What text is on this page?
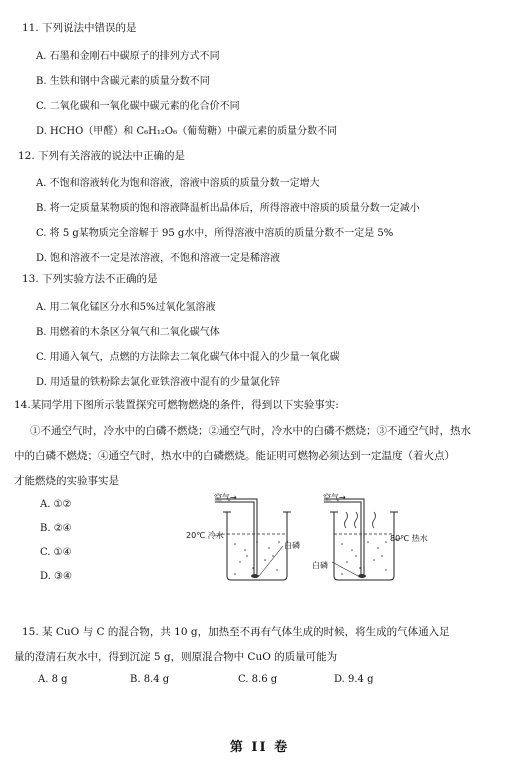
11. 下列说法中错误的是
A. 石墨和金刚石中碳原子的排列方式不同
B. 生铁和钢中含碳元素的质量分数不同
C. 二氧化碳和一氧化碳中碳元素的化合价不同
D. HCHO（甲醛）和 C₆H₁₂O₆（葡萄糖）中碳元素的质量分数不同
12. 下列有关溶液的说法中正确的是
A. 不饱和溶液转化为饱和溶液，溶液中溶质的质量分数一定增大
B. 将一定质量某物质的饱和溶液降温析出晶体后，所得溶液中溶质的质量分数一定减小
C. 将 5 g某物质完全溶解于 95 g水中，所得溶液中溶质的质量分数不一定是 5%
D. 饱和溶液不一定是浓溶液，不饱和溶液一定是稀溶液
13. 下列实验方法不正确的是
A. 用二氧化锰区分水和5%过氧化氢溶液
B. 用燃着的木条区分氧气和二氧化碳气体
C. 用通入氧气，点燃的方法除去二氧化碳气体中混入的少量一氧化碳
D. 用适量的铁粉除去氯化亚铁溶液中混有的少量氯化锌
14.某同学用下图所示装置探究可燃物燃烧的条件，得到以下实验事实:
①不通空气时，冷水中的白磷不燃烧；②通空气时，冷水中的白磷不燃烧；③不通空气时，热水
中的白磷不燃烧；④通空气时，热水中的白磷燃烧。能证明可燃物必须达到一定温度（着火点）
才能燃烧的实验事实是
A. ①②
B. ②④
C. ①④
D. ③④
空气→
20℃ 冷水
白磷
空气→
80℃ 热水
白磷
15. 某 CuO 与 C 的混合物，共 10 g，加热至不再有气体生成的时候，将生成的气体通入足
量的澄清石灰水中，得到沉淀 5 g，则原混合物中 CuO 的质量可能为
A. 8 g	B. 8.4 g	C. 8.6 g	D. 9.4 g
第 II 卷
